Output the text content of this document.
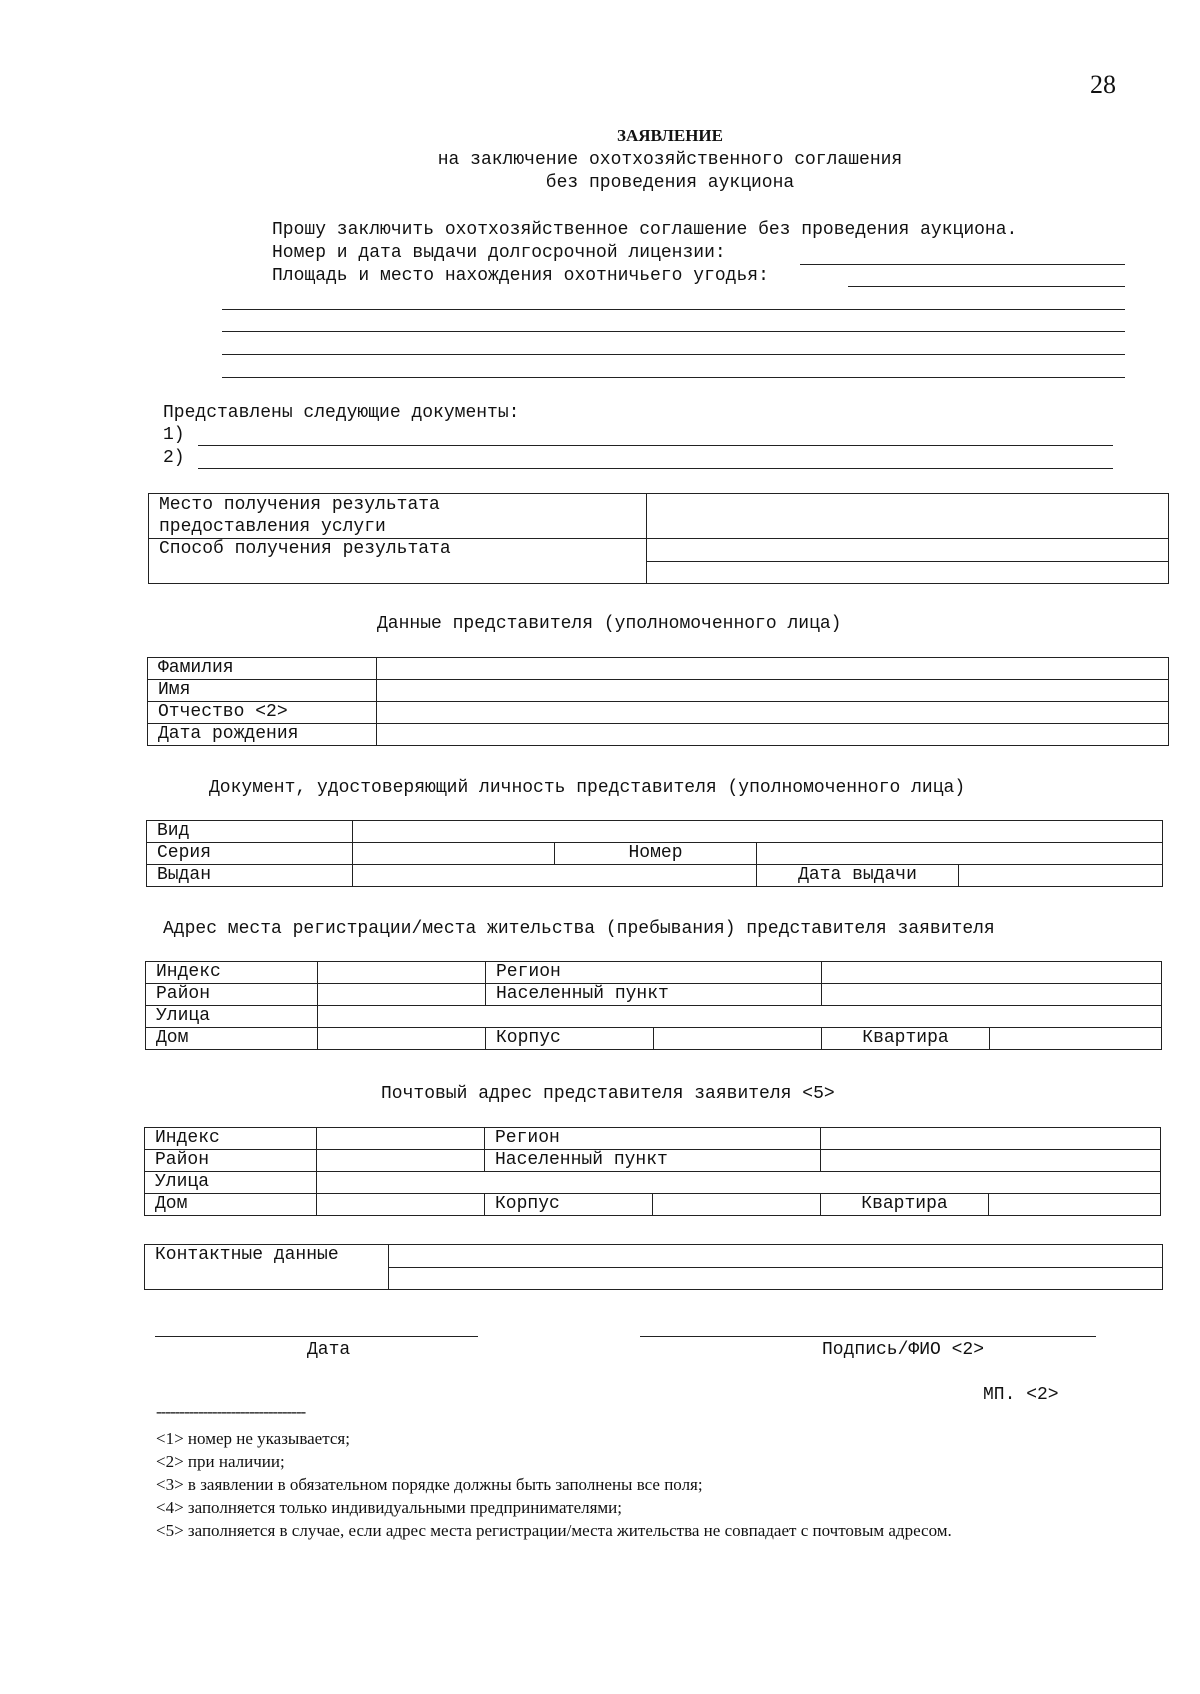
28
ЗАЯВЛЕНИЕ
на заключение охотхозяйственного соглашения
без проведения аукциона
Прошу заключить охотхозяйственное соглашение без проведения аукциона.
Номер и дата выдачи долгосрочной лицензии:
Площадь и место нахождения охотничьего угодья:
Представлены следующие документы:
1)
2)
Место получения результата
предоставления услуги	

Способ получения результата	

Данные представителя (уполномоченного лица)
Фамилия	
Имя	
Отчество <2>	
Дата рождения	
Документ, удостоверяющий личность представителя (уполномоченного лица)
Вид				
Серия		Номер		
Выдан			Дата выдачи	
Адрес места регистрации/места жительства (пребывания) представителя заявителя
Индекс		Регион			
Район		Населенный пункт			
Улица					
Дом		Корпус		Квартира	
Почтовый адрес представителя заявителя <5>
Индекс		Регион			
Район		Населенный пункт			
Улица					
Дом		Корпус		Квартира	
Контактные данные	

Дата	Подпись/ФИО <2>
МП. <2>
--------------------------------
<1> номер не указывается;
<2> при наличии;
<3> в заявлении в обязательном порядке должны быть заполнены все поля;
<4> заполняется только индивидуальными предпринимателями;
<5> заполняется в случае, если адрес места регистрации/места жительства не совпадает с почтовым адресом.
